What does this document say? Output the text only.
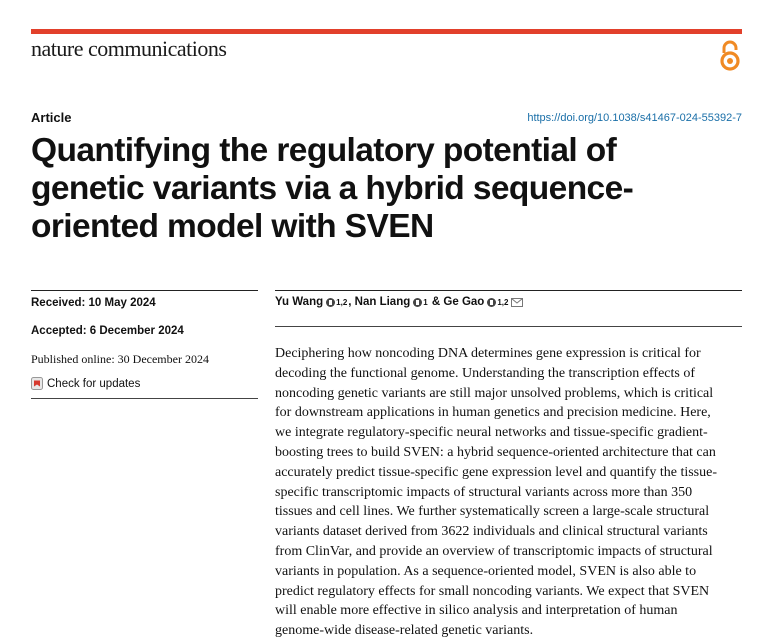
nature communications
Article	https://doi.org/10.1038/s41467-024-55392-7
Quantifying the regulatory potential of
genetic variants via a hybrid sequence-
oriented model with SVEN
Received: 10 May 2024
Accepted: 6 December 2024
Published online: 30 December 2024
Check for updates
Yu Wang 1,2 , Nan Liang 1 & Ge Gao 1,2

Deciphering how noncoding DNA determines gene expression is critical for
decoding the functional genome. Understanding the transcription effects of
noncoding genetic variants are still major unsolved problems, which is critical
for downstream applications in human genetics and precision medicine. Here,
we integrate regulatory-specific neural networks and tissue-specific gradient-
boosting trees to build SVEN: a hybrid sequence-oriented architecture that can
accurately predict tissue-specific gene expression level and quantify the tissue-
specific transcriptomic impacts of structural variants across more than 350
tissues and cell lines. We further systematically screen a large-scale structural
variants dataset derived from 3622 individuals and clinical structural variants
from ClinVar, and provide an overview of transcriptomic impacts of structural
variants in population. As a sequence-oriented model, SVEN is also able to
predict regulatory effects for small noncoding variants. We expect that SVEN
will enable more effective in silico analysis and interpretation of human
genome-wide disease-related genetic variants.
